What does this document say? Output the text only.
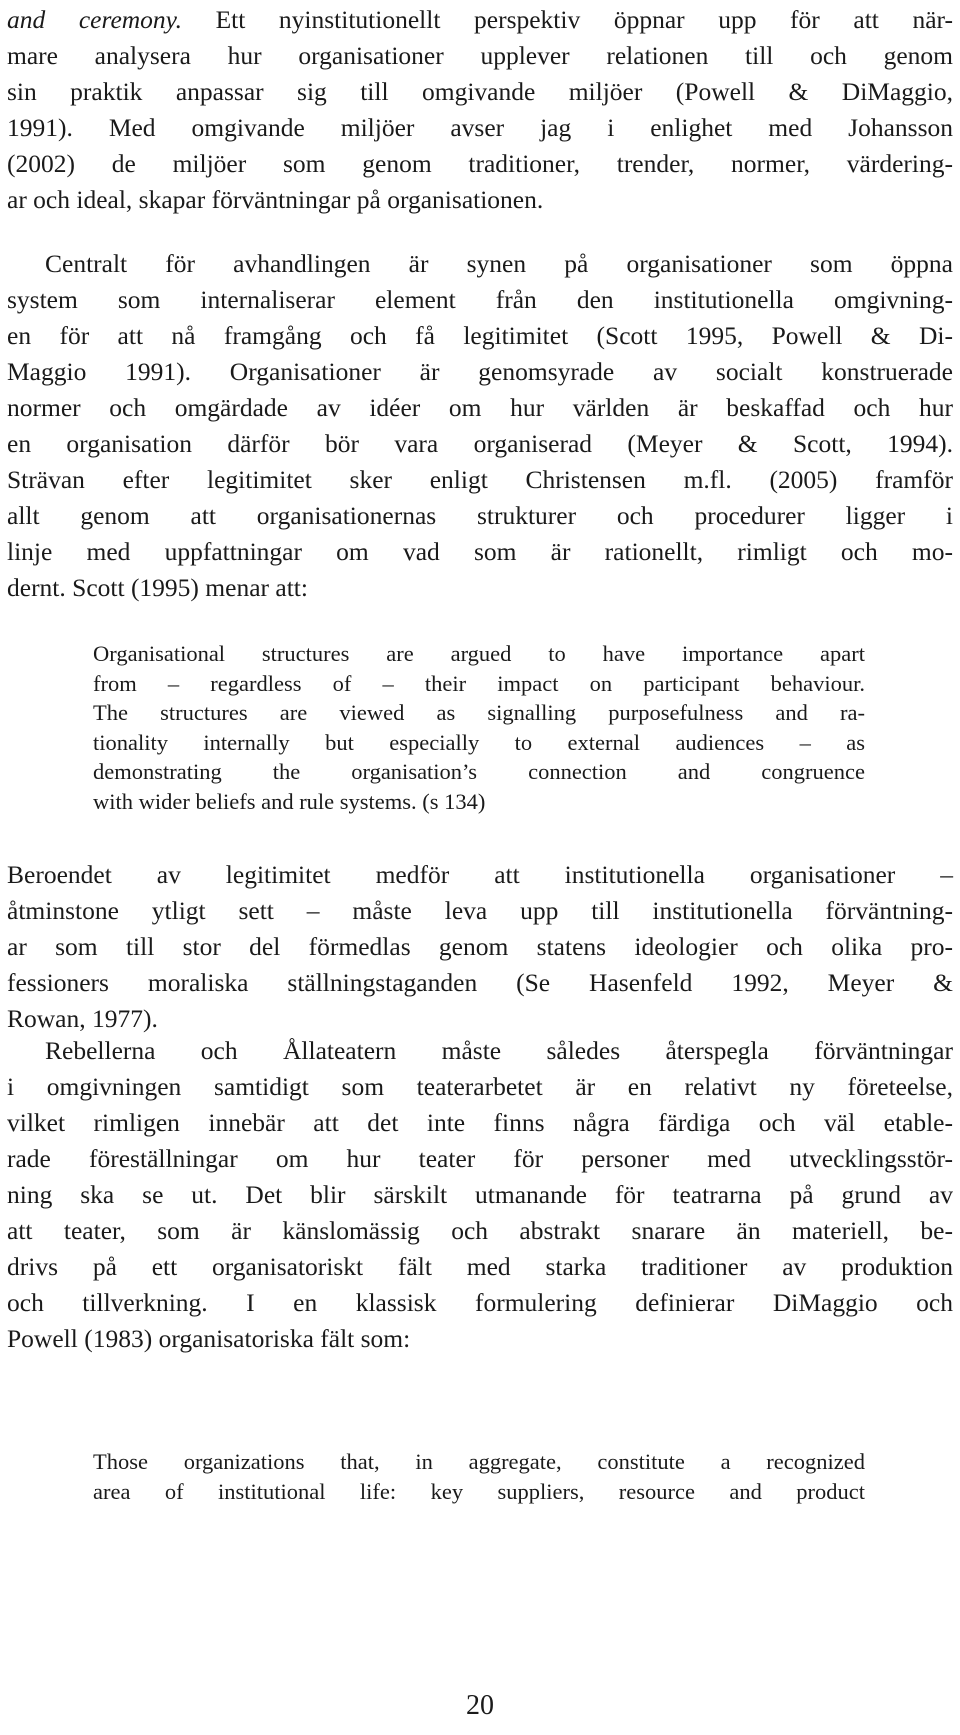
and ceremony. Ett nyinstitutionellt perspektiv öppnar upp för att när-
mare analysera hur organisationer upplever relationen till och genom
sin praktik anpassar sig till omgivande miljöer (Powell & DiMaggio,
1991). Med omgivande miljöer avser jag i enlighet med Johansson
(2002) de miljöer som genom traditioner, trender, normer, värdering-
ar och ideal, skapar förväntningar på organisationen.
Centralt för avhandlingen är synen på organisationer som öppna
system som internaliserar element från den institutionella omgivning-
en för att nå framgång och få legitimitet (Scott 1995, Powell & Di-
Maggio 1991). Organisationer är genomsyrade av socialt konstruerade
normer och omgärdade av idéer om hur världen är beskaffad och hur
en organisation därför bör vara organiserad (Meyer & Scott, 1994).
Strävan efter legitimitet sker enligt Christensen m.fl. (2005) framför
allt genom att organisationernas strukturer och procedurer ligger i
linje med uppfattningar om vad som är rationellt, rimligt och mo-
dernt. Scott (1995) menar att:
Organisational structures are argued to have importance apart
from – regardless of – their impact on participant behaviour.
The structures are viewed as signalling purposefulness and ra-
tionality internally but especially to external audiences – as
demonstrating the organisation’s connection and congruence
with wider beliefs and rule systems. (s 134)
Beroendet av legitimitet medför att institutionella organisationer –
åtminstone ytligt sett – måste leva upp till institutionella förväntning-
ar som till stor del förmedlas genom statens ideologier och olika pro-
fessioners moraliska ställningstaganden (Se Hasenfeld 1992, Meyer &
Rowan, 1977).
Rebellerna och Ållateatern måste således återspegla förväntningar
i omgivningen samtidigt som teaterarbetet är en relativt ny företeelse,
vilket rimligen innebär att det inte finns några färdiga och väl etable-
rade föreställningar om hur teater för personer med utvecklingsstör-
ning ska se ut. Det blir särskilt utmanande för teatrarna på grund av
att teater, som är känslomässig och abstrakt snarare än materiell, be-
drivs på ett organisatoriskt fält med starka traditioner av produktion
och tillverkning. I en klassisk formulering definierar DiMaggio och
Powell (1983) organisatoriska fält som:
Those organizations that, in aggregate, constitute a recognized
area of institutional life: key suppliers, resource and product
20
